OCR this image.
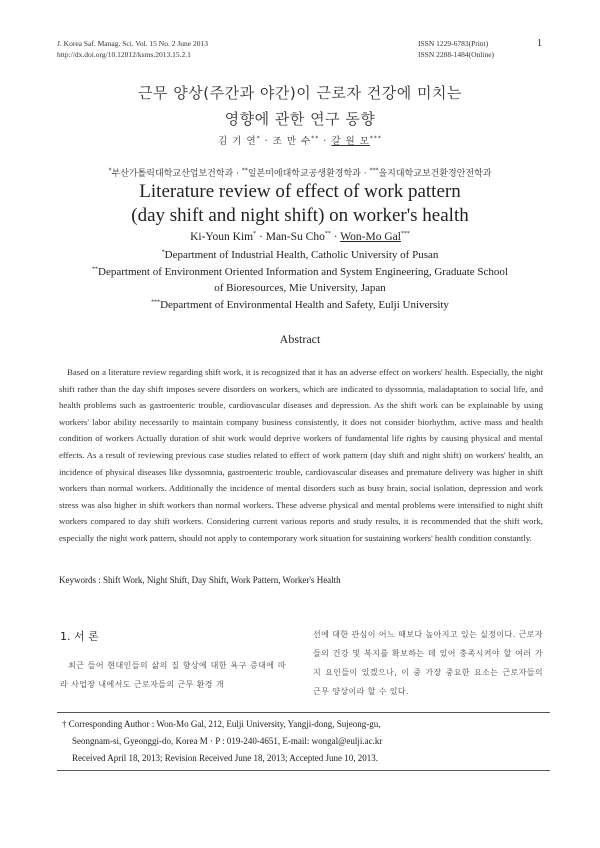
J. Korea Saf. Manag. Sci. Vol. 15 No. 2 June 2013
http://dx.doi.org/10.12812/ksms.2013.15.2.1
ISSN 1229-6783(Print)
ISSN 2288-1484(Online)
1
근무 양상(주간과 야간)이 근로자 건강에 미치는
영향에 관한 연구 동향
김 기 연* · 조 만 수** · 갈 원 모***
*부산가톨릭대학교산업보건학과 · **일본미에대학교공생환경학과 · ***을지대학교보건환경안전학과
Literature review of effect of work pattern
(day shift and night shift) on worker's health
Ki-Youn Kim* · Man-Su Cho** · Won-Mo Gal***
*Department of Industrial Health, Catholic University of Pusan
**Department of Environment Oriented Information and System Engineering, Graduate School
of Bioresources, Mie University, Japan
***Department of Environmental Health and Safety, Eulji University
Abstract
Based on a literature review regarding shift work, it is recognized that it has an adverse effect on workers' health. Especially, the night shift rather than the day shift imposes severe disorders on workers, which are indicated to dyssomnia, maladaptation to social life, and health problems such as gastroenteric trouble, cardiovascular diseases and depression. As the shift work can be explainable by using workers' labor ability necessarily to maintain company business consistently, it does not consider biorhythm, active mass and health condition of workers Actually duration of shit work would deprive workers of fundamental life rights by causing physical and mental effects. As a result of reviewing previous case studies related to effect of work pattern (day shift and night shift) on workers' health, an incidence of physical diseases like dyssomnia, gastroenteric trouble, cardiovascular diseases and premature delivery was higher in shift workers than normal workers. Additionally the incidence of mental disorders such as busy brain, social isolation, depression and work stress was also higher in shift workers than normal workers. These adverse physical and mental problems were intensified to night shift workers compared to day shift workers. Considering current various reports and study results, it is recommended that the shift work, especially the night work pattern, should not apply to contemporary work situation for sustaining workers' health condition constantly.
Keywords : Shift Work, Night Shift, Day Shift, Work Pattern, Worker's Health
1. 서 론
최근 들어 현대인들의 삶의 질 향상에 대한 욕구 증대에 따라 사업장 내에서도 근로자들의 근무 환경 개
선에 대한 관심이 어느 때보다 높아지고 있는 실정이다. 근로자들의 건강 및 복지를 확보하는 데 있어 충족시켜야 할 여러 가지 요인들이 있겠으나, 이 중 가장 중요한 요소는 근로자들의 근무 양상이라 할 수 있다.
† Corresponding Author : Won-Mo Gal, 212, Eulji University, Yangji-dong, Sujeong-gu,
Seongnam-si, Gyeonggi-do, Korea M · P : 019-240-4651, E-mail: wongal@eulji.ac.kr
Received April 18, 2013; Revision Received June 18, 2013; Accepted June 10, 2013.
